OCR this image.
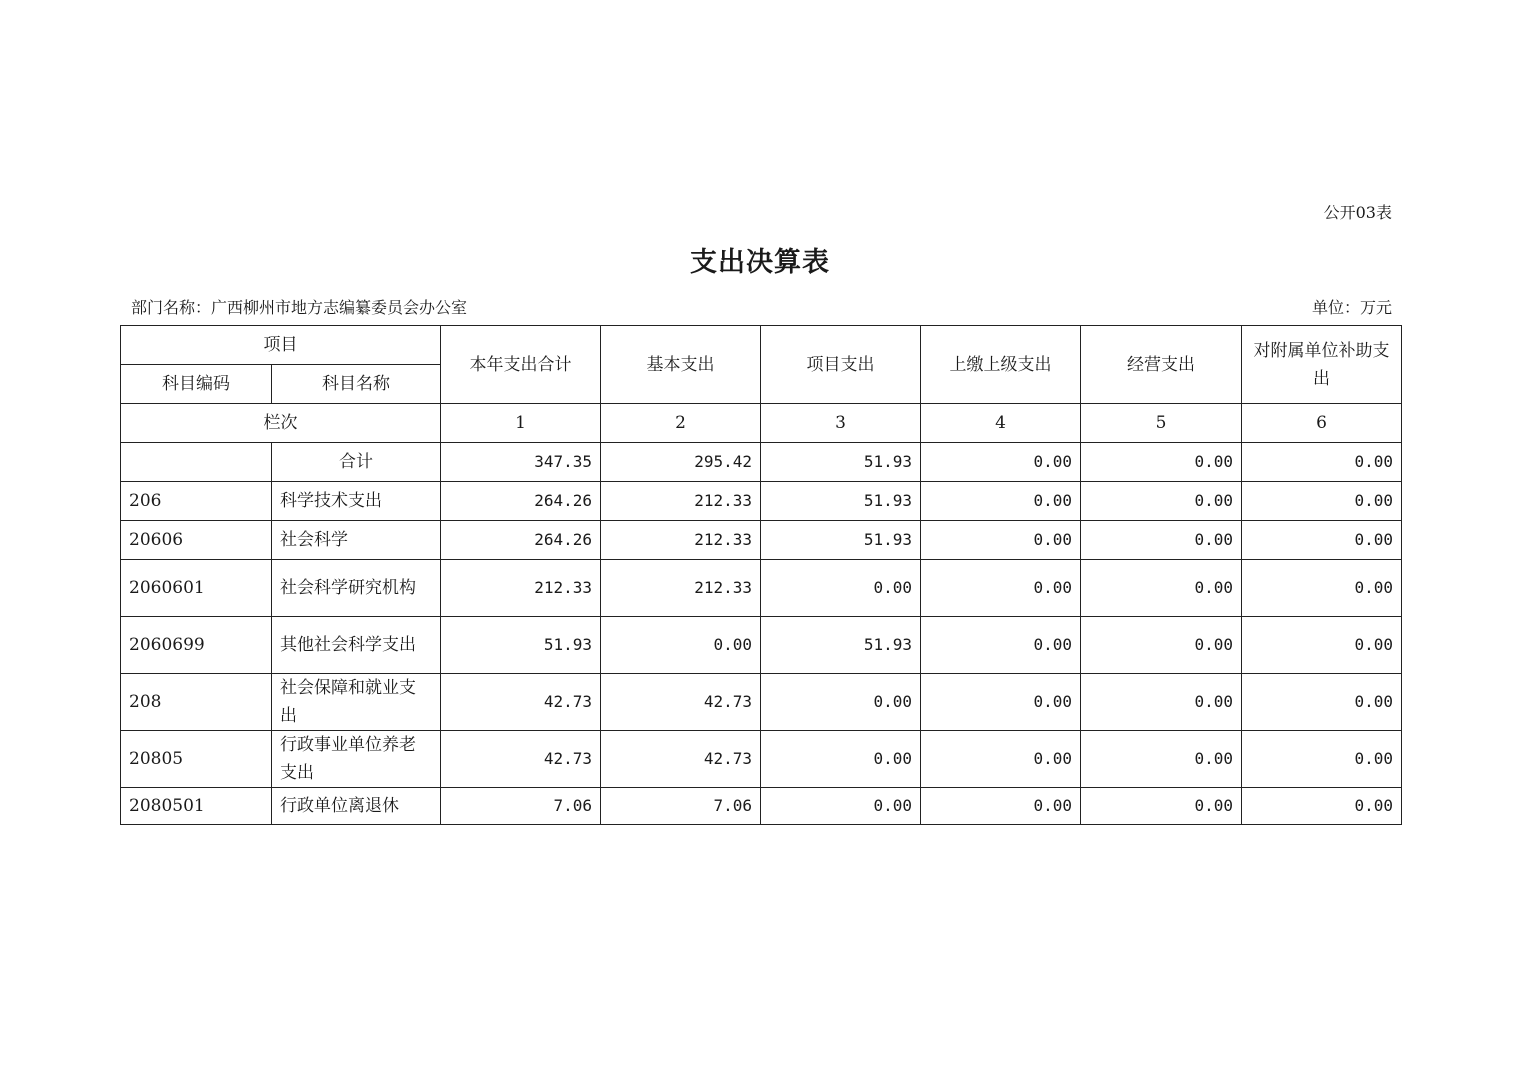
公开03表
支出决算表
部门名称：广西柳州市地方志编纂委员会办公室	单位：万元
项目		本年支出合计	基本支出	项目支出	上缴上级支出	经营支出	对附属单位补助支出
科目编码	科目名称						
栏次		1	2	3	4	5	6
	合计	347.35	295.42	51.93	0.00	0.00	0.00
206	科学技术支出	264.26	212.33	51.93	0.00	0.00	0.00
20606	社会科学	264.26	212.33	51.93	0.00	0.00	0.00
2060601	社会科学研究机构	212.33	212.33	0.00	0.00	0.00	0.00
2060699	其他社会科学支出	51.93	0.00	51.93	0.00	0.00	0.00
208	社会保障和就业支出	42.73	42.73	0.00	0.00	0.00	0.00
20805	行政事业单位养老支出	42.73	42.73	0.00	0.00	0.00	0.00
2080501	行政单位离退休	7.06	7.06	0.00	0.00	0.00	0.00
